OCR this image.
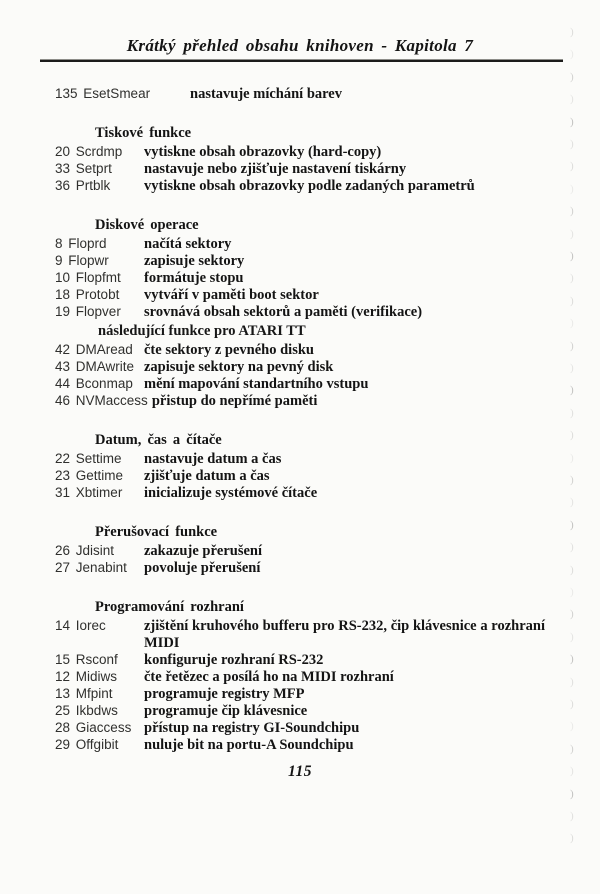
Krátký přehled obsahu knihoven - Kapitola 7
135 EsetSmear	nastavuje míchání barev
Tiskové funkce
20 Scrdmp	vytiskne obsah obrazovky (hard-copy)
33 Setprt	nastavuje nebo zjišťuje nastavení tiskárny
36 Prtblk	vytiskne obsah obrazovky podle zadaných parametrů
Diskové operace
8 Floprd	načítá sektory
9 Flopwr	zapisuje sektory
10 Flopfmt	formátuje stopu
18 Protobt	vytváří v paměti boot sektor
19 Flopver	srovnává obsah sektorů a paměti (verifikace)
následující funkce pro ATARI TT
42 DMAread čte sektory z pevného disku
43 DMAwrite zapisuje sektory na pevný disk
44 Bconmap mění mapování standartního vstupu
46 NVMaccess přistup do nepřímé paměti
Datum, čas a čítače
22 Settime	nastavuje datum a čas
23 Gettime	zjišťuje datum a čas
31 Xbtimer	inicializuje systémové čítače
Přerušovací funkce
26 Jdisint	zakazuje přerušení
27 Jenabint	povoluje přerušení
Programování rozhraní
14 Iorec	zjištění kruhového bufferu pro RS-232, čip klávesnice a rozhraní MIDI
15 Rsconf	konfiguruje rozhraní RS-232
12 Midiws	čte řetězec a posílá ho na MIDI rozhraní
13 Mfpint	programuje registry MFP
25 Ikbdws	programuje čip klávesnice
28 Giaccess přístup na registry GI-Soundchipu
29 Offgibit	nuluje bit na portu-A Soundchipu
115
)
)
)
)
)
)
)
)
)
)
)
)
)
)
)
)
)
)
)
)
)
)
)
)
)
)
)
)
)
)
)
)
)
)
)
)
)
